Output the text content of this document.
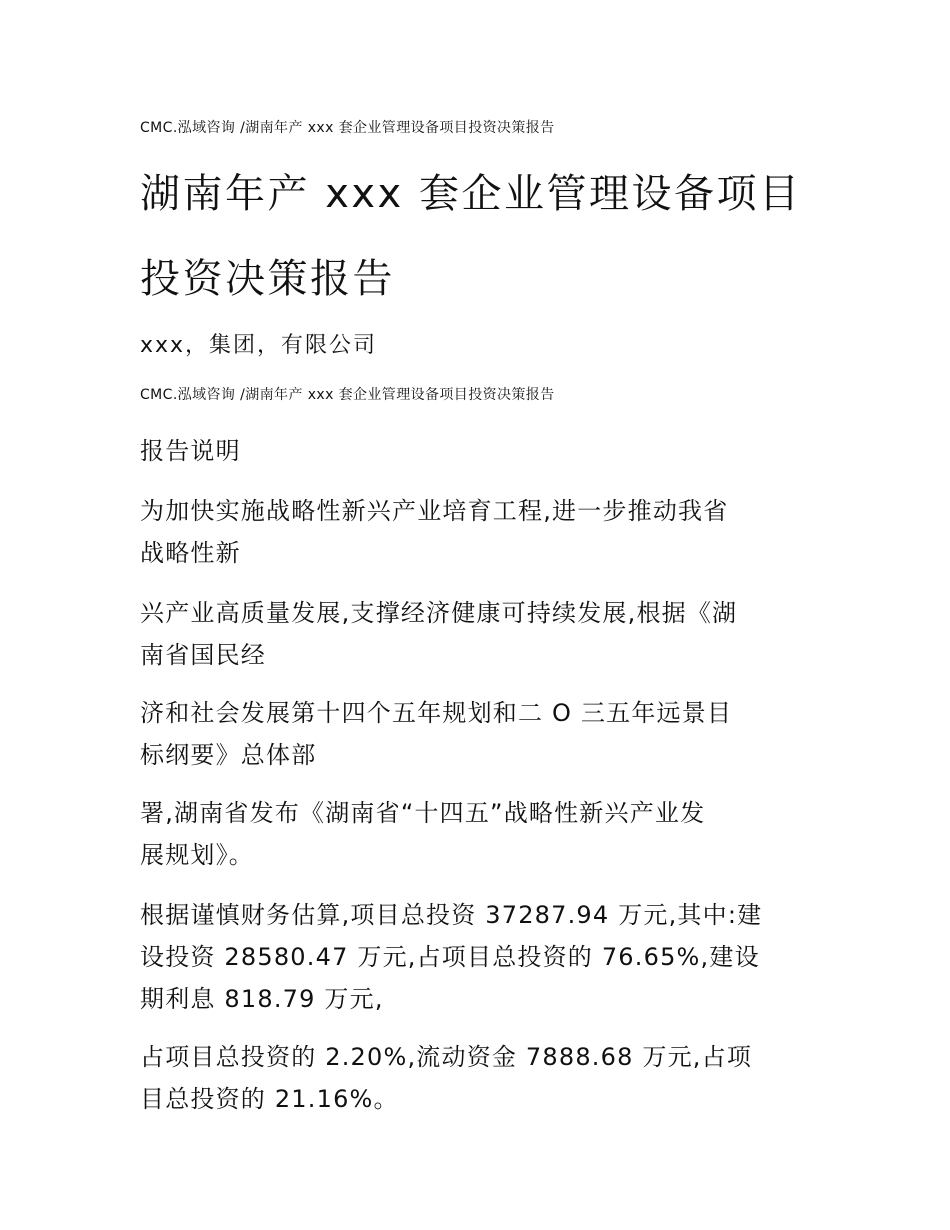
CMC.泓域咨询 /湖南年产 xxx 套企业管理设备项目投资决策报告
湖南年产 xxx 套企业管理设备项目
投资决策报告
xxx，集团，有限公司
CMC.泓域咨询 /湖南年产 xxx 套企业管理设备项目投资决策报告
报告说明
为加快实施战略性新兴产业培育工程,进一步推动我省
战略性新
兴产业高质量发展,支撑经济健康可持续发展,根据《湖
南省国民经
济和社会发展第十四个五年规划和二 O 三五年远景目
标纲要》总体部
署,湖南省发布《湖南省“十四五”战略性新兴产业发
展规划》。
根据谨慎财务估算,项目总投资 37287.94 万元,其中:建
设投资 28580.47 万元,占项目总投资的 76.65%,建设
期利息 818.79 万元,
占项目总投资的 2.20%,流动资金 7888.68 万元,占项
目总投资的 21.16%。
